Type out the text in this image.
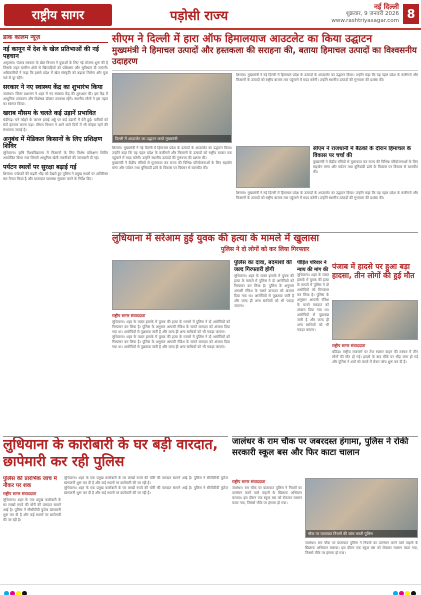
राष्ट्रीय सागर	पड़ोसी राज्य
नई दिल्ली
शुक्रवार, 9 जनवरी 2026
www.rashtriyasagar.com 8
डाक कालम न्यूज़
नई कानून में देश के खेल प्रतिभाओं की नई पहचान
अमृतसर। पंजाब सरकार के खेल विभाग ने युवाओं के लिए नई योजना शुरू की है जिसके तहत ग्रामीण क्षेत्रों से खिलाड़ियों को प्रशिक्षण और सुविधाएं दी जाएंगी। अधिकारियों ने कहा कि इससे प्रदेश में खेल संस्कृति को बढ़ावा मिलेगा और युवा नशे से दूर रहेंगे।
सरकार ने नए स्वास्थ्य केंद्र का शुभारंभ किया
जालंधर। जिला प्रशासन ने शहर में नए स्वास्थ्य केंद्र की शुरुआत की। इस केंद्र में आधुनिक उपकरण और विशेषज्ञ डॉक्टर उपलब्ध रहेंगे। स्थानीय लोगों ने इस पहल का स्वागत किया।
खराब मौसम के चलते कई उड़ानें प्रभावित
चंडीगढ़। घने कोहरे के कारण हवाई अड्डे पर कई उड़ानों में देरी हुई। यात्रियों को घंटों इंतजार करना पड़ा। मौसम विभाग ने आने वाले दिनों में भी कोहरा रहने की संभावना जताई है।
अनुबंध में मेडिकल किसानों के लिए प्रशिक्षण शिविर
लुधियाना। कृषि विश्वविद्यालय में किसानों के लिए विशेष प्रशिक्षण शिविर आयोजित किया गया जिसमें आधुनिक खेती तकनीकों की जानकारी दी गई।
पर्यटन स्थलों पर सुरक्षा बढ़ाई गई
शिमला। पर्यटकों की बढ़ती भीड़ को देखते हुए पुलिस ने प्रमुख स्थलों पर अतिरिक्त बल तैनात किया है और यातायात व्यवस्था सुचारू करने के निर्देश दिए।
सीएम ने दिल्ली में हारा ऑफ हिमालयाज आउटलेट का किया उद्घाटन
मुख्यमंत्री ने हिमाचल उत्पादों और हस्तकला की सराहना की, बताया हिमाचल उत्पादों का विश्वसनीय उदाहरण
दिल्ली में आउटलेट का उद्घाटन करते मुख्यमंत्री
शिमला। मुख्यमंत्री ने नई दिल्ली में हिमाचल प्रदेश के उत्पादों के आउटलेट का उद्घाटन किया। उन्होंने कहा कि यह पहल प्रदेश के कारीगरों और किसानों के उत्पादों को राष्ट्रीय बाजार तक पहुंचाने में मदद करेगी। उन्होंने स्थानीय उत्पादों की गुणवत्ता की प्रशंसा की।
सीएम ने राजधानी में बैठकों के दौरान हिमाचल के विकास पर चर्चा की
मुख्यमंत्री ने केंद्रीय मंत्रियों से मुलाकात कर राज्य की विभिन्न परियोजनाओं के लिए सहयोग मांगा और पर्यटन तथा बुनियादी ढांचे के विकास पर विस्तार से बातचीत की।
शिमला। मुख्यमंत्री ने नई दिल्ली में हिमाचल प्रदेश के उत्पादों के आउटलेट का उद्घाटन किया। उन्होंने कहा कि यह पहल प्रदेश के कारीगरों और किसानों के उत्पादों को राष्ट्रीय बाजार तक पहुंचाने में मदद करेगी। उन्होंने स्थानीय उत्पादों की गुणवत्ता की प्रशंसा की।
मुख्यमंत्री ने केंद्रीय मंत्रियों से मुलाकात कर राज्य की विभिन्न परियोजनाओं के लिए सहयोग मांगा और पर्यटन तथा बुनियादी ढांचे के विकास पर विस्तार से बातचीत की।
शिमला। मुख्यमंत्री ने नई दिल्ली में हिमाचल प्रदेश के उत्पादों के आउटलेट का उद्घाटन किया। उन्होंने कहा कि यह पहल प्रदेश के कारीगरों और किसानों के उत्पादों को राष्ट्रीय बाजार तक पहुंचाने में मदद करेगी। उन्होंने स्थानीय उत्पादों की गुणवत्ता की प्रशंसा की।
लुधियाना में सरेआम हुई युवक की हत्या के मामले में खुलासा
पुलिस ने दो लोगों को कर लिया गिरफ्तार
राष्ट्रीय सागर संवाददाता
लुधियाना। शहर के व्यस्त इलाके में युवक की हत्या के मामले में पुलिस ने दो आरोपियों को गिरफ्तार कर लिया है। पुलिस के अनुसार आपसी रंजिश के चलते वारदात को अंजाम दिया गया था। आरोपियों से पूछताछ जारी है और जल्द ही अन्य साथियों को भी पकड़ा जाएगा।
लुधियाना। शहर के व्यस्त इलाके में युवक की हत्या के मामले में पुलिस ने दो आरोपियों को गिरफ्तार कर लिया है। पुलिस के अनुसार आपसी रंजिश के चलते वारदात को अंजाम दिया गया था। आरोपियों से पूछताछ जारी है और जल्द ही अन्य साथियों को भी पकड़ा जाएगा।
पुलिस का दावा, बदमाशों की जल्द गिरफ्तारी होगी
लुधियाना। शहर के व्यस्त इलाके में युवक की हत्या के मामले में पुलिस ने दो आरोपियों को गिरफ्तार कर लिया है। पुलिस के अनुसार आपसी रंजिश के चलते वारदात को अंजाम दिया गया था। आरोपियों से पूछताछ जारी है और जल्द ही अन्य साथियों को भी पकड़ा जाएगा।
पीड़ित परिवार ने न्याय की मांग की
लुधियाना। शहर के व्यस्त इलाके में युवक की हत्या के मामले में पुलिस ने दो आरोपियों को गिरफ्तार कर लिया है। पुलिस के अनुसार आपसी रंजिश के चलते वारदात को अंजाम दिया गया था। आरोपियों से पूछताछ जारी है और जल्द ही अन्य साथियों को भी पकड़ा जाएगा।
पंजाब में हादसे पर हुआ बड़ा हादसा, तीन लोगों की हुई मौत
राष्ट्रीय सागर संवाददाता
बठिंडा। राष्ट्रीय राजमार्ग पर तेज रफ्तार वाहन की टक्कर में तीन लोगों की मौत हो गई। हादसे के बाद मौके पर भीड़ जमा हो गई और पुलिस ने शवों को कब्जे में लेकर जांच शुरू कर दी है।
लुधियाना के कारोबारी के घर बड़ी वारदात, छापेमारी कर रही पुलिस
पुलिस की प्रारंभिक जांच में नौकर पर शक
राष्ट्रीय सागर संवाददाता
लुधियाना। शहर के एक प्रमुख कारोबारी के घर लाखों रुपये की चोरी की वारदात सामने आई है। पुलिस ने सीसीटीवी फुटेज खंगालनी शुरू कर दी है और कई स्थानों पर छापेमारी की जा रही है।
लुधियाना। शहर के एक प्रमुख कारोबारी के घर लाखों रुपये की चोरी की वारदात सामने आई है। पुलिस ने सीसीटीवी फुटेज खंगालनी शुरू कर दी है और कई स्थानों पर छापेमारी की जा रही है।
लुधियाना। शहर के एक प्रमुख कारोबारी के घर लाखों रुपये की चोरी की वारदात सामने आई है। पुलिस ने सीसीटीवी फुटेज खंगालनी शुरू कर दी है और कई स्थानों पर छापेमारी की जा रही है।
जालंधर के राम चौक पर जबरदस्त हंगामा, पुलिस ने रोकी सरकारी स्कूल बस और फिर काटा चालान
राष्ट्रीय सागर संवाददाता
जालंधर। राम चौक पर यातायात पुलिस ने नियमों का उल्लंघन करने वाले वाहनों के खिलाफ अभियान चलाया। इस दौरान एक स्कूल बस को रोककर चालान काटा गया, जिससे मौके पर हंगामा हो गया।
चौक पर यातायात नियमों की जांच करती पुलिस
जालंधर। राम चौक पर यातायात पुलिस ने नियमों का उल्लंघन करने वाले वाहनों के खिलाफ अभियान चलाया। इस दौरान एक स्कूल बस को रोककर चालान काटा गया, जिससे मौके पर हंगामा हो गया।
